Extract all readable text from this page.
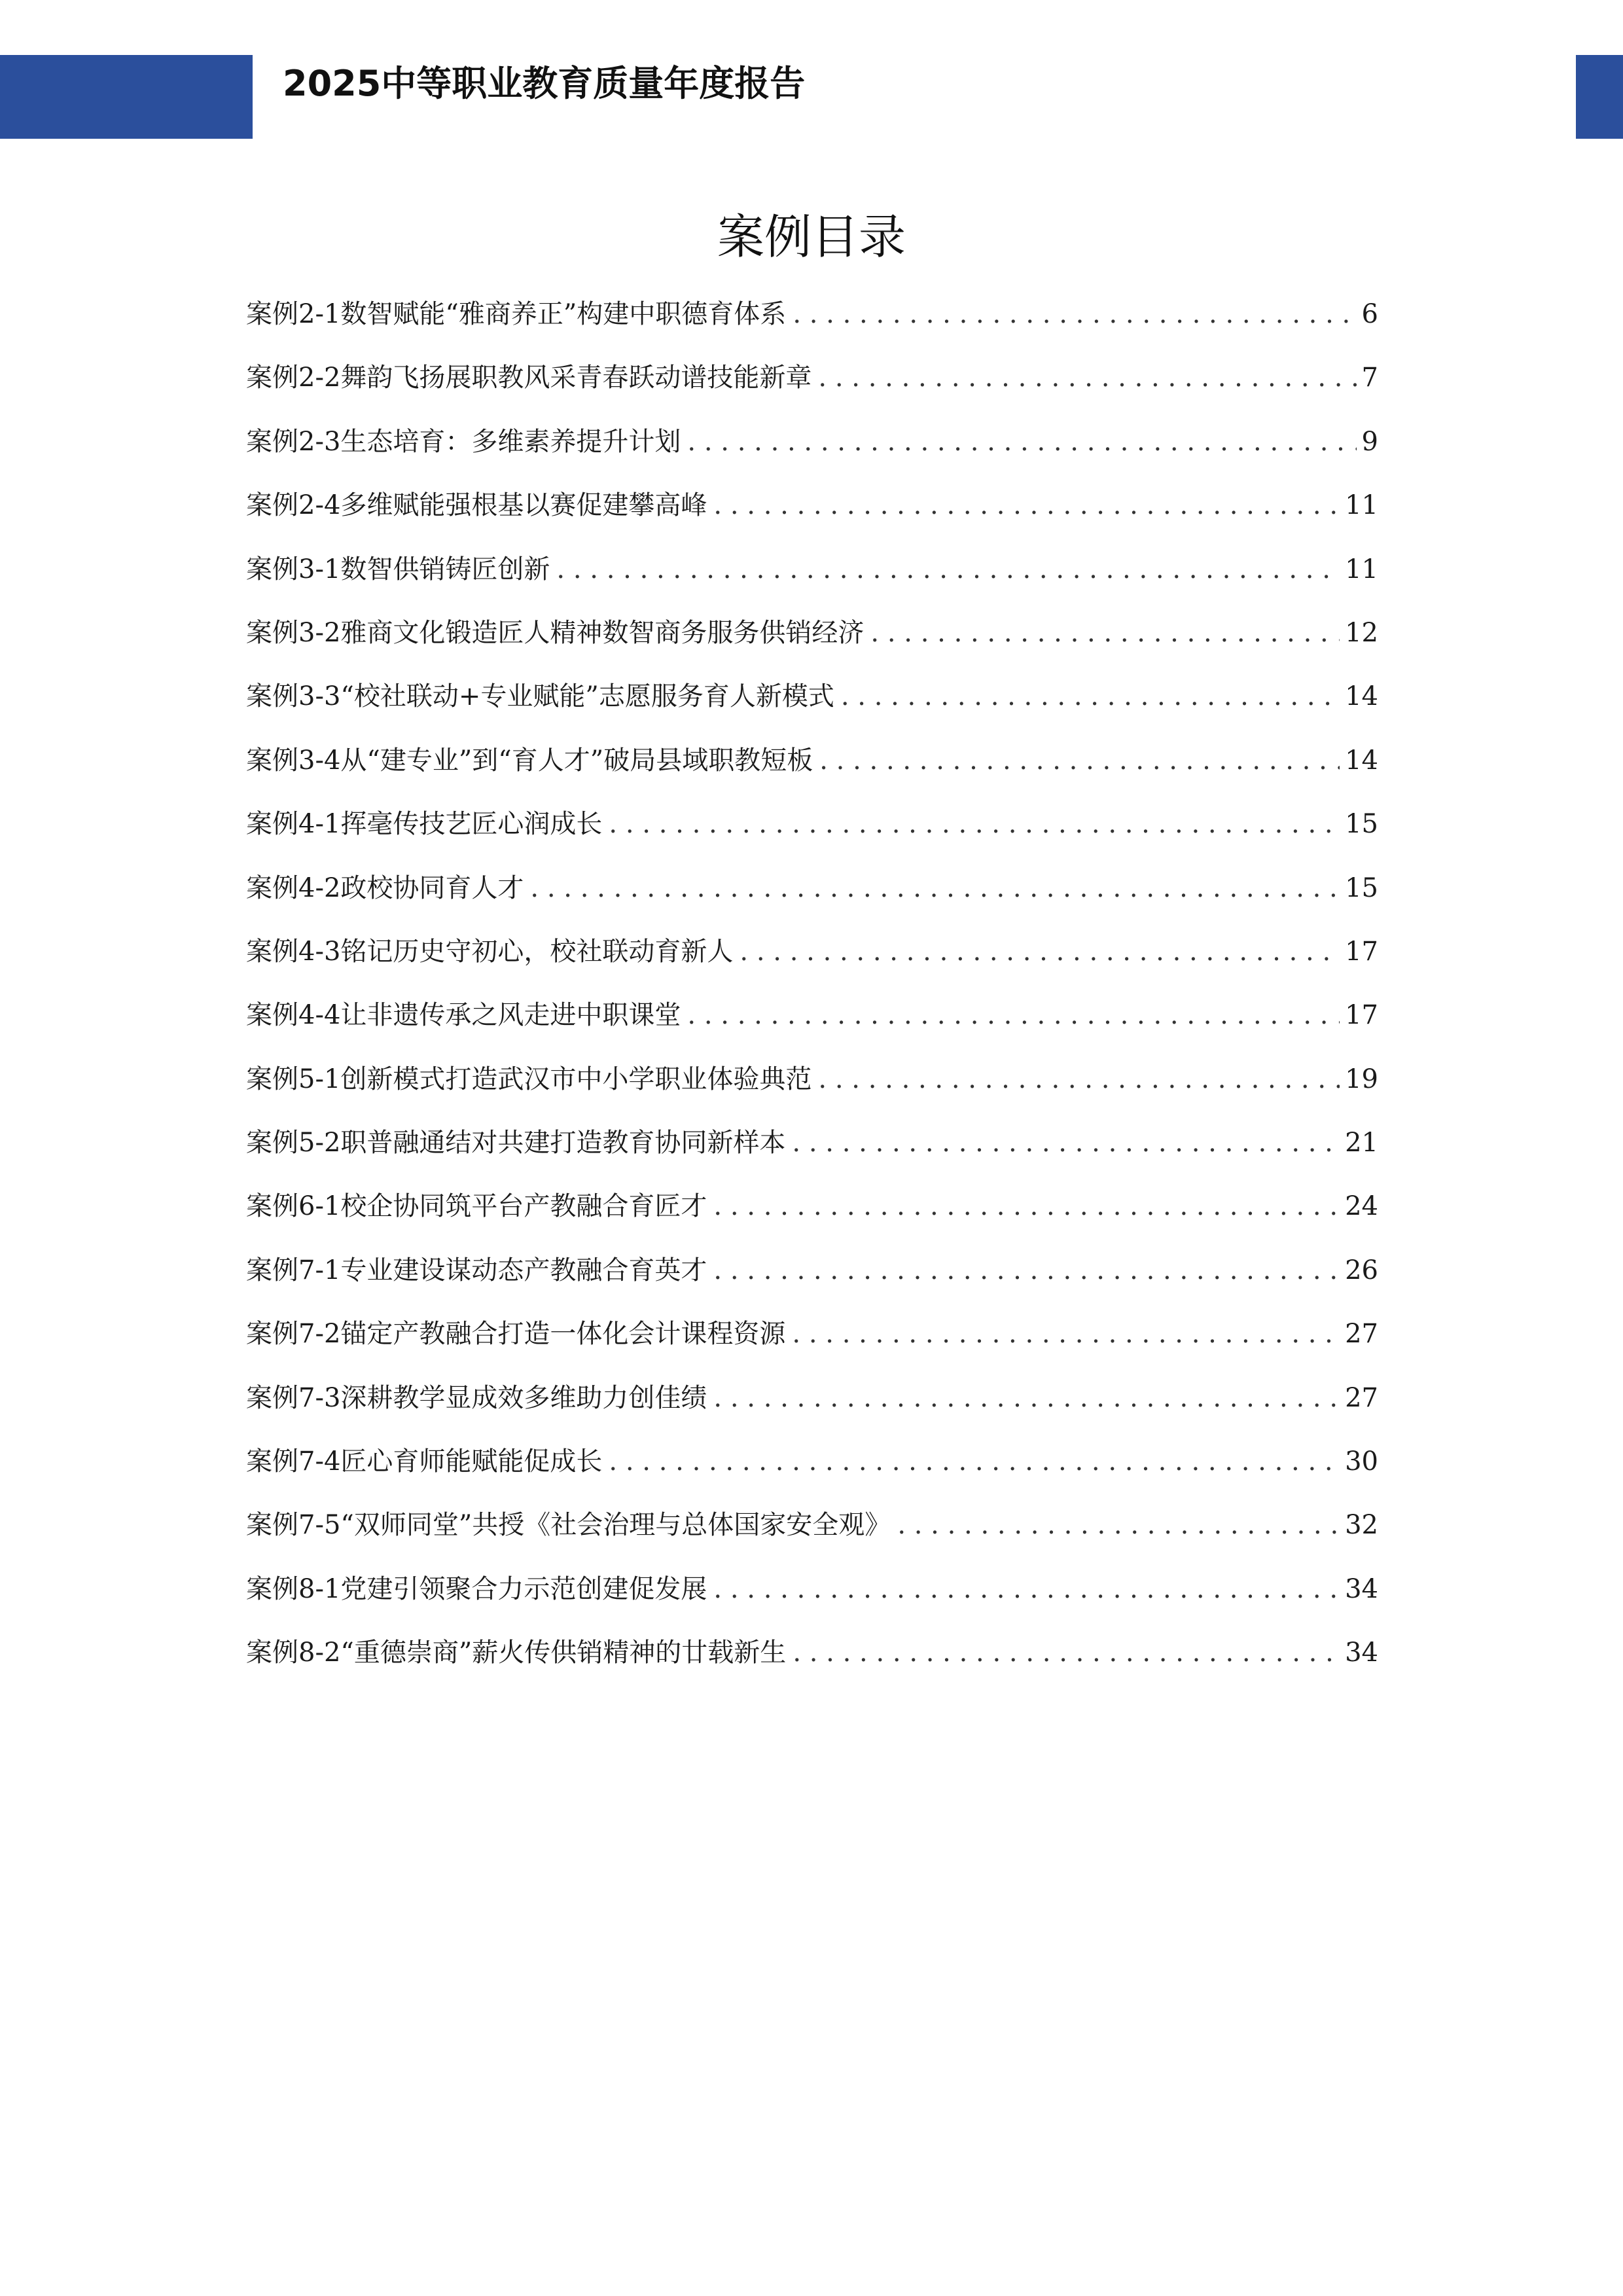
2025中等职业教育质量年度报告
案例目录
案例2-1数智赋能“雅商养正”构建中职德育体系 . . .	6
案例2-2舞韵飞扬展职教风采青春跃动谱技能新章 . . .	7
案例2-3生态培育：多维素养提升计划 . . .	9
案例2-4多维赋能强根基以赛促建攀高峰 . . .	11
案例3-1数智供销铸匠创新 . . .	11
案例3-2雅商文化锻造匠人精神数智商务服务供销经济 . . .	12
案例3-3“校社联动+专业赋能”志愿服务育人新模式 . . .	14
案例3-4从“建专业”到“育人才”破局县域职教短板 . . .	14
案例4-1挥毫传技艺匠心润成长 . . .	15
案例4-2政校协同育人才 . . .	15
案例4-3铭记历史守初心，校社联动育新人 . . .	17
案例4-4让非遗传承之风走进中职课堂 . . .	17
案例5-1创新模式打造武汉市中小学职业体验典范 . . .	19
案例5-2职普融通结对共建打造教育协同新样本 . . .	21
案例6-1校企协同筑平台产教融合育匠才 . . .	24
案例7-1专业建设谋动态产教融合育英才 . . .	26
案例7-2锚定产教融合打造一体化会计课程资源 . . .	27
案例7-3深耕教学显成效多维助力创佳绩 . . .	27
案例7-4匠心育师能赋能促成长 . . .	30
案例7-5“双师同堂”共授《社会治理与总体国家安全观》 . . .	32
案例8-1党建引领聚合力示范创建促发展 . . .	34
案例8-2“重德崇商”薪火传供销精神的廿载新生 . . .	34
